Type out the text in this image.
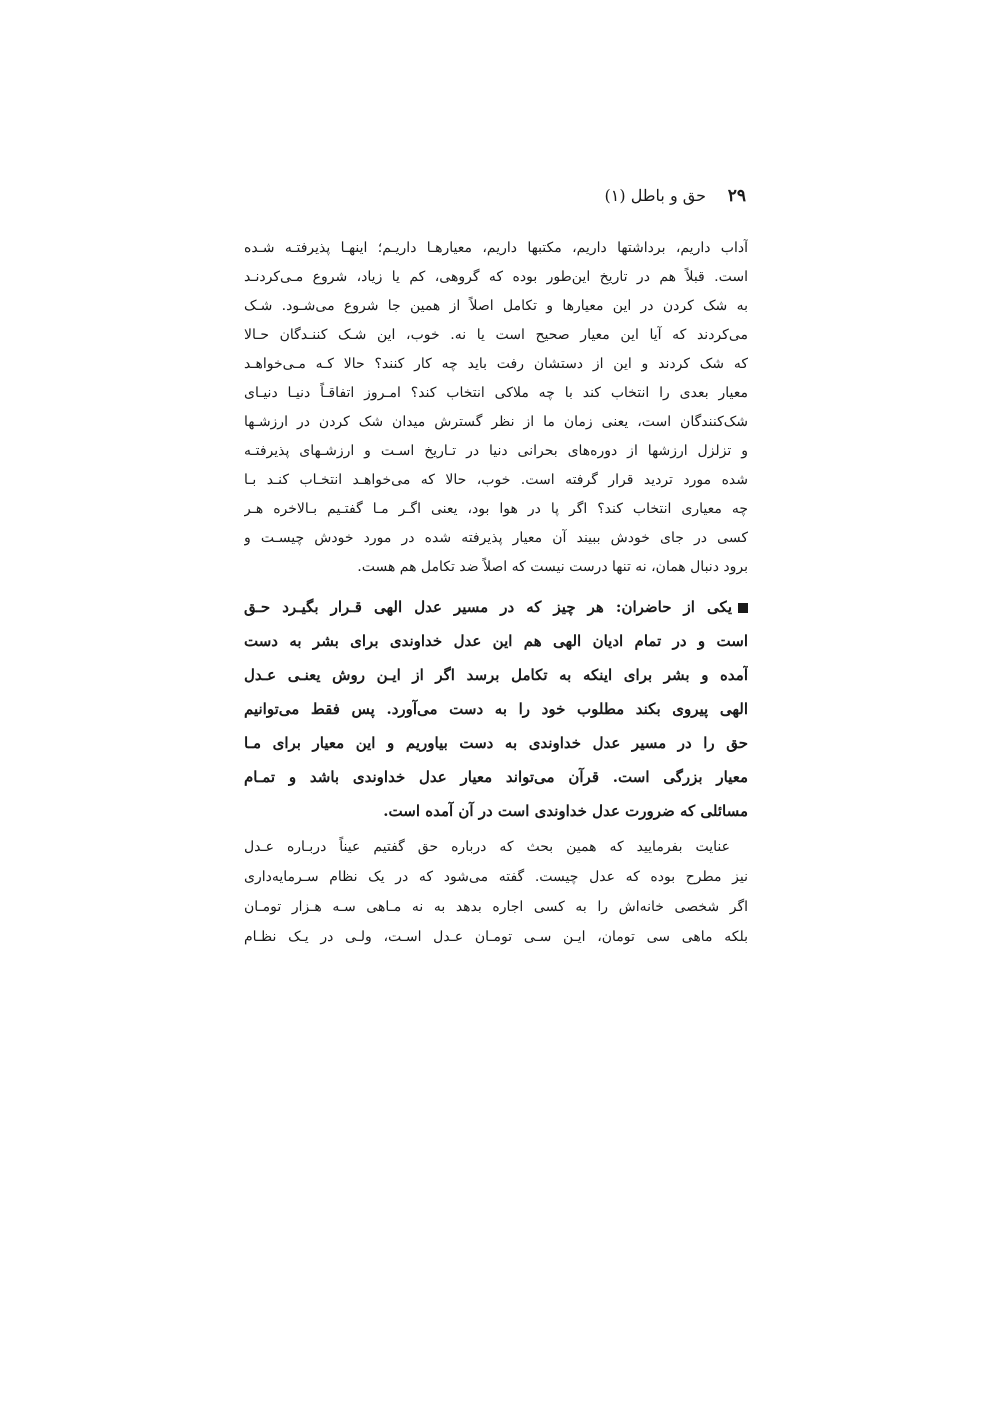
۲۹
حق و باطل (۱)
آداب داریم، برداشتها داریم، مکتبها داریم، معیارهـا داریـم؛ اینهـا پذیرفتـه شـده
است. قبلاً هم در تاریخ این‌طور بوده که گروهی، کم یا زیاد، شروع مـی‌کردنـد
به شک کردن در این معیارها و تکامل اصلاً از همین جا شروع می‌شـود. شـک
می‌کردند که آیا این معیار صحیح است یا نه. خوب، این شـک کننـدگان حـالا
که شک کردند و این از دستشان رفت باید چه کار کنند؟ حالا کـه مـی‌خواهـد
معیار بعدی را انتخاب کند با چه ملاکی انتخاب کند؟ امـروز اتفاقـاً دنیـا دنیـای
شک‌کنندگان است، یعنی زمان ما از نظر گسترش میدان شک کردن در ارزشـها
و تزلزل ارزشها از دوره‌های بحرانی دنیا در تـاریخ اسـت و ارزشـهای پذیرفتـه
شده مورد تردید قرار گرفته است. خوب، حالا که می‌خواهـد انتخـاب کنـد بـا
چه معیاری انتخاب کند؟ اگر پا در هوا بود، یعنی اگـر مـا گفتـیم بـالاخره هـر
کسی در جای خودش ببیند آن معیار پذیرفته شده در مورد خودش چیسـت و
برود دنبال همان، نه تنها درست نیست که اصلاً ضد تکامل هم هست.
یکی از حاضران: هر چیز که در مسیر عدل الهی قـرار بگیـرد حـق
است و در تمام ادیان الهی هم این عدل خداوندی برای بشر به دست
آمده و بشر برای اینکه به تکامل برسد اگر از ایـن روش یعنـی عـدل
الهی پیروی بکند مطلوب خود را به دست می‌آورد. پس فقط می‌توانیم
حق را در مسیر عدل خداوندی به دست بیاوریم و این معیار برای مـا
معیار بزرگی است. قرآن می‌تواند معیار عدل خداوندی باشد و تمـام
مسائلی که ضرورت عدل خداوندی است در آن آمده است.
عنایت بفرمایید که همین بحث که درباره حق گفتیم عیناً دربـاره عـدل
نیز مطرح بوده که عدل چیست. گفته می‌شود که در یک نظام سـرمایه‌داری
اگر شخصی خانه‌اش را به کسی اجاره بدهد به نه مـاهی سـه هـزار تومـان
بلکه ماهی سی تومان، ایـن سـی تومـان عـدل اسـت، ولـی در یـک نظـام
